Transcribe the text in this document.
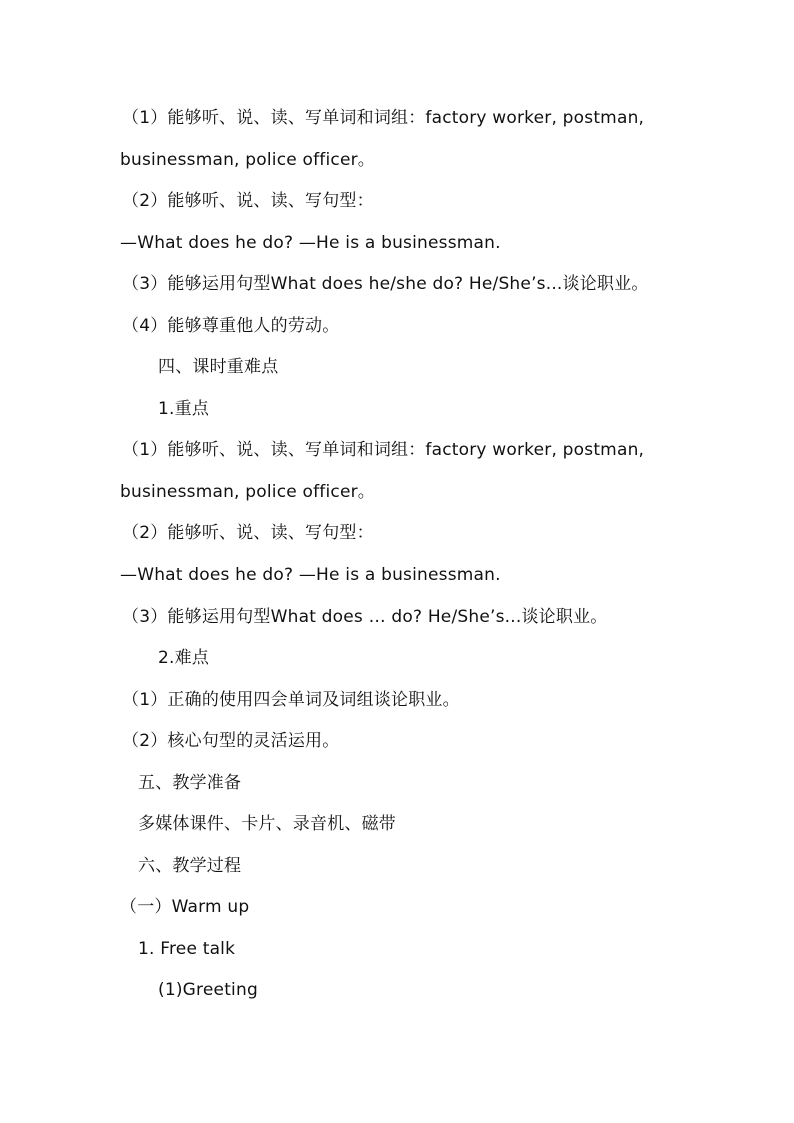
（1）能够听、说、读、写单词和词组：factory worker, postman,
businessman, police officer。
（2）能够听、说、读、写句型：
—What does he do? —He is a businessman.
（3）能够运用句型What does he/she do? He/She’s...谈论职业。
（4）能够尊重他人的劳动。
四、课时重难点
1.重点
（1）能够听、说、读、写单词和词组：factory worker, postman,
businessman, police officer。
（2）能够听、说、读、写句型：
—What does he do? —He is a businessman.
（3）能够运用句型What does … do? He/She’s...谈论职业。
2.难点
（1）正确的使用四会单词及词组谈论职业。
（2）核心句型的灵活运用。
五、教学准备
多媒体课件、卡片、录音机、磁带
六、教学过程
（一）Warm up
1. Free talk
(1)Greeting
